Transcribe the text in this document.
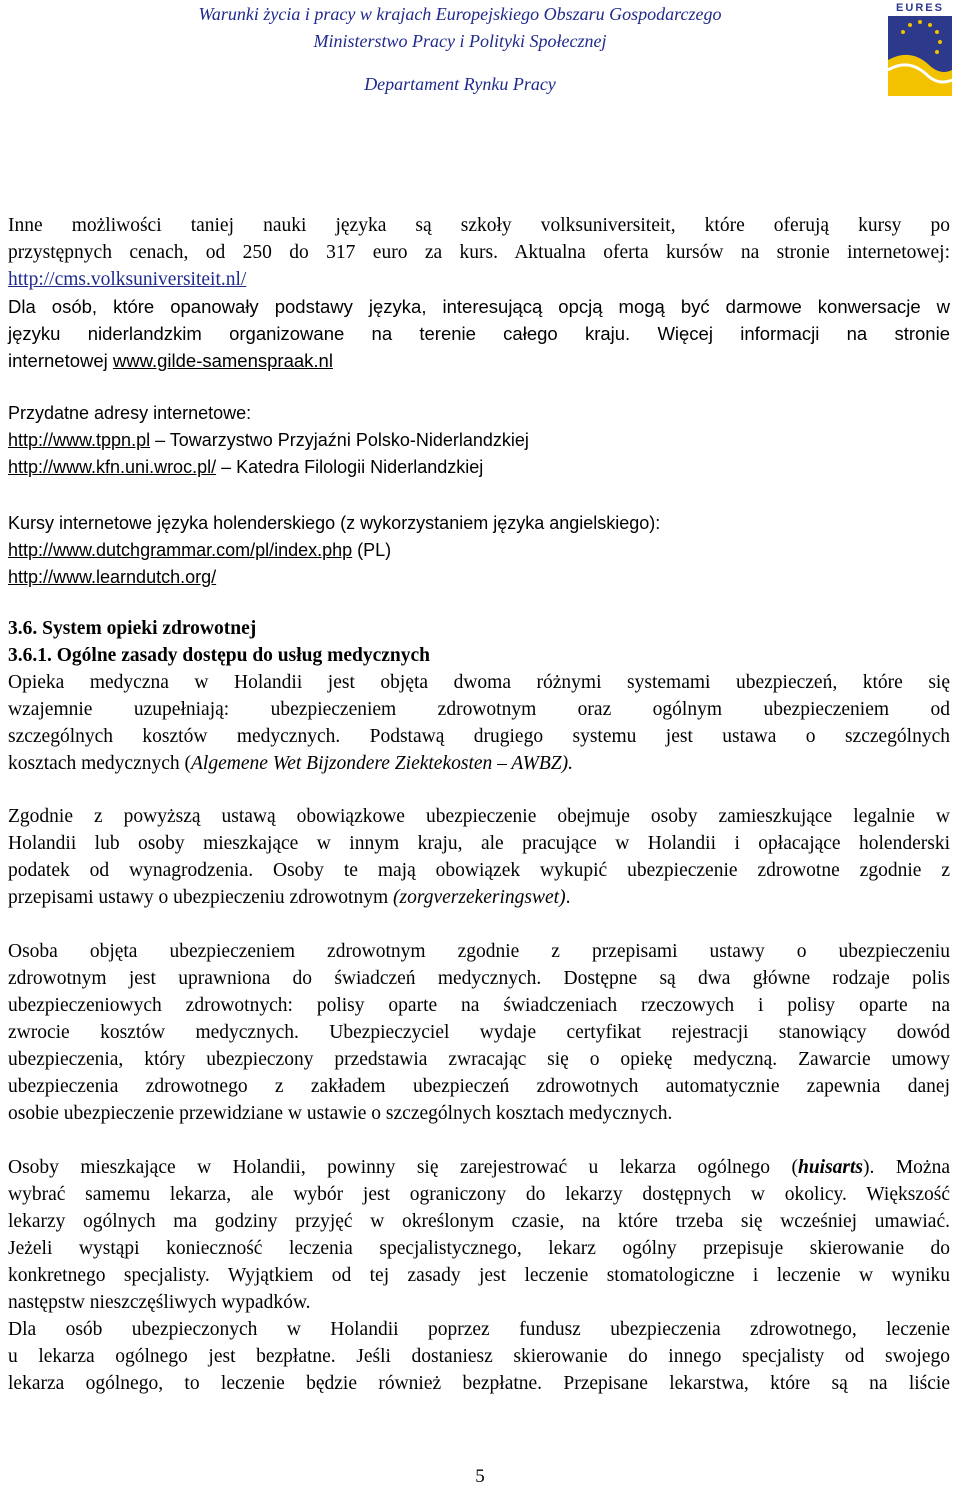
Warunki życia i pracy w krajach Europejskiego Obszaru Gospodarczego
Ministerstwo Pracy i Polityki Społecznej
Departament Rynku Pracy
EURES
Inne możliwości taniej nauki języka są szkoły volksuniversiteit, które oferują kursy po
przystępnych cenach, od 250 do 317 euro za kurs. Aktualna oferta kursów na stronie internetowej:
http://cms.volksuniversiteit.nl/
Dla osób, które opanowały podstawy języka, interesującą opcją mogą być darmowe konwersacje w
języku niderlandzkim organizowane na terenie całego kraju. Więcej informacji na stronie
internetowej www.gilde-samenspraak.nl
Przydatne adresy internetowe:
http://www.tppn.pl – Towarzystwo Przyjaźni Polsko-Niderlandzkiej
http://www.kfn.uni.wroc.pl/ – Katedra Filologii Niderlandzkiej
Kursy internetowe języka holenderskiego (z wykorzystaniem języka angielskiego):
http://www.dutchgrammar.com/pl/index.php (PL)
http://www.learndutch.org/
3.6. System opieki zdrowotnej
3.6.1. Ogólne zasady dostępu do usług medycznych
Opieka medyczna w Holandii jest objęta dwoma różnymi systemami ubezpieczeń, które się
wzajemnie uzupełniają: ubezpieczeniem zdrowotnym oraz ogólnym ubezpieczeniem od
szczególnych kosztów medycznych. Podstawą drugiego systemu jest ustawa o szczególnych
kosztach medycznych (Algemene Wet Bijzondere Ziektekosten – AWBZ).
Zgodnie z powyższą ustawą obowiązkowe ubezpieczenie obejmuje osoby zamieszkujące legalnie w
Holandii lub osoby mieszkające w innym kraju, ale pracujące w Holandii i opłacające holenderski
podatek od wynagrodzenia. Osoby te mają obowiązek wykupić ubezpieczenie zdrowotne zgodnie z
przepisami ustawy o ubezpieczeniu zdrowotnym (zorgverzekeringswet).
Osoba objęta ubezpieczeniem zdrowotnym zgodnie z przepisami ustawy o ubezpieczeniu
zdrowotnym jest uprawniona do świadczeń medycznych. Dostępne są dwa główne rodzaje polis
ubezpieczeniowych zdrowotnych: polisy oparte na świadczeniach rzeczowych i polisy oparte na
zwrocie kosztów medycznych. Ubezpieczyciel wydaje certyfikat rejestracji stanowiący dowód
ubezpieczenia, który ubezpieczony przedstawia zwracając się o opiekę medyczną. Zawarcie umowy
ubezpieczenia zdrowotnego z zakładem ubezpieczeń zdrowotnych automatycznie zapewnia danej
osobie ubezpieczenie przewidziane w ustawie o szczególnych kosztach medycznych.
Osoby mieszkające w Holandii, powinny się zarejestrować u lekarza ogólnego (huisarts). Można
wybrać samemu lekarza, ale wybór jest ograniczony do lekarzy dostępnych w okolicy. Większość
lekarzy ogólnych ma godziny przyjęć w określonym czasie, na które trzeba się wcześniej umawiać.
Jeżeli wystąpi konieczność leczenia specjalistycznego, lekarz ogólny przepisuje skierowanie do
konkretnego specjalisty. Wyjątkiem od tej zasady jest leczenie stomatologiczne i leczenie w wyniku
następstw nieszczęśliwych wypadków.
Dla osób ubezpieczonych w Holandii poprzez fundusz ubezpieczenia zdrowotnego, leczenie
u lekarza ogólnego jest bezpłatne. Jeśli dostaniesz skierowanie do innego specjalisty od swojego
lekarza ogólnego, to leczenie będzie również bezpłatne. Przepisane lekarstwa, które są na liście
5
